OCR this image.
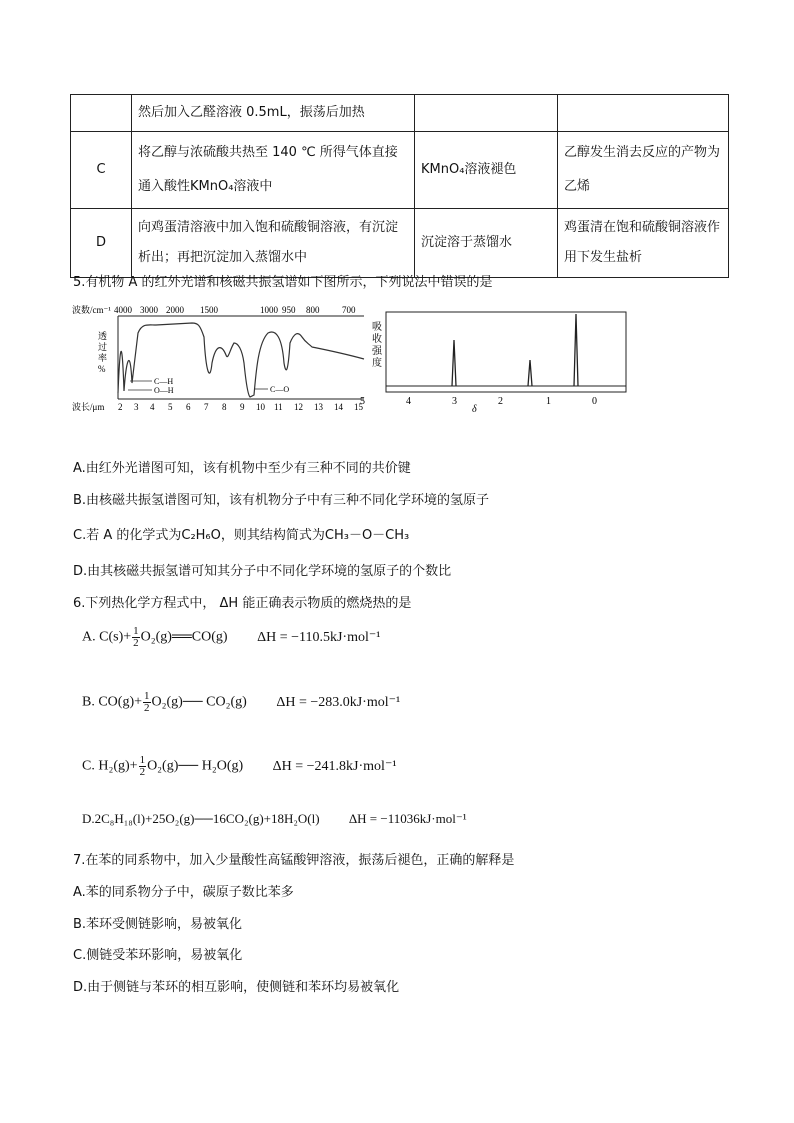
	然后加入乙醛溶液 0.5mL，振荡后加热		
C	将乙醇与浓硫酸共热至 140 ℃ 所得气体直接通入酸性KMnO₄溶液中	KMnO₄溶液褪色	乙醇发生消去反应的产物为乙烯
D	向鸡蛋清溶液中加入饱和硫酸铜溶液，有沉淀析出；再把沉淀加入蒸馏水中	沉淀溶于蒸馏水	鸡蛋清在饱和硫酸铜溶液作用下发生盐析
5.有机物 A 的红外光谱和核磁共振氢谱如下图所示，下列说法中错误的是
波数/cm⁻¹ 4000 3000 2000 1500	1000 950 800	700
透
过
率
%
C—H
O—H	C—O
波长/μm 2 3 4 5 6 7 8 9 10 11 12 13 14 15
吸
收
强
度
5	4	3	2	1	0
δ
A.由红外光谱图可知，该有机物中至少有三种不同的共价键
B.由核磁共振氢谱图可知，该有机物分子中有三种不同化学环境的氢原子
C.若 A 的化学式为C₂H₆O，则其结构简式为CH₃－O－CH₃
D.由其核磁共振氢谱可知其分子中不同化学环境的氢原子的个数比
6.下列热化学方程式中， ΔH 能正确表示物质的燃烧热的是
A. $C(s)+ \frac{1}{2}$ O₂(g)══CO(g) ΔH = −110.5kJ·mol⁻¹
B. $CO(g)+ \frac{1}{2}$ O₂(g)── CO₂(g) ΔH = −283.0kJ·mol⁻¹
C. $H_2(g)+ \frac{1}{2}$ O₂(g)── H₂O(g) ΔH = −241.8kJ·mol⁻¹
D.2C₈H₁₈(l)+25O₂(g)──16CO₂(g)+18H₂O(l) ΔH = −11036kJ·mol⁻¹
7.在苯的同系物中，加入少量酸性高锰酸钾溶液，振荡后褪色，正确的解释是
A.苯的同系物分子中，碳原子数比苯多
B.苯环受侧链影响，易被氧化
C.侧链受苯环影响，易被氧化
D.由于侧链与苯环的相互影响，使侧链和苯环均易被氧化
